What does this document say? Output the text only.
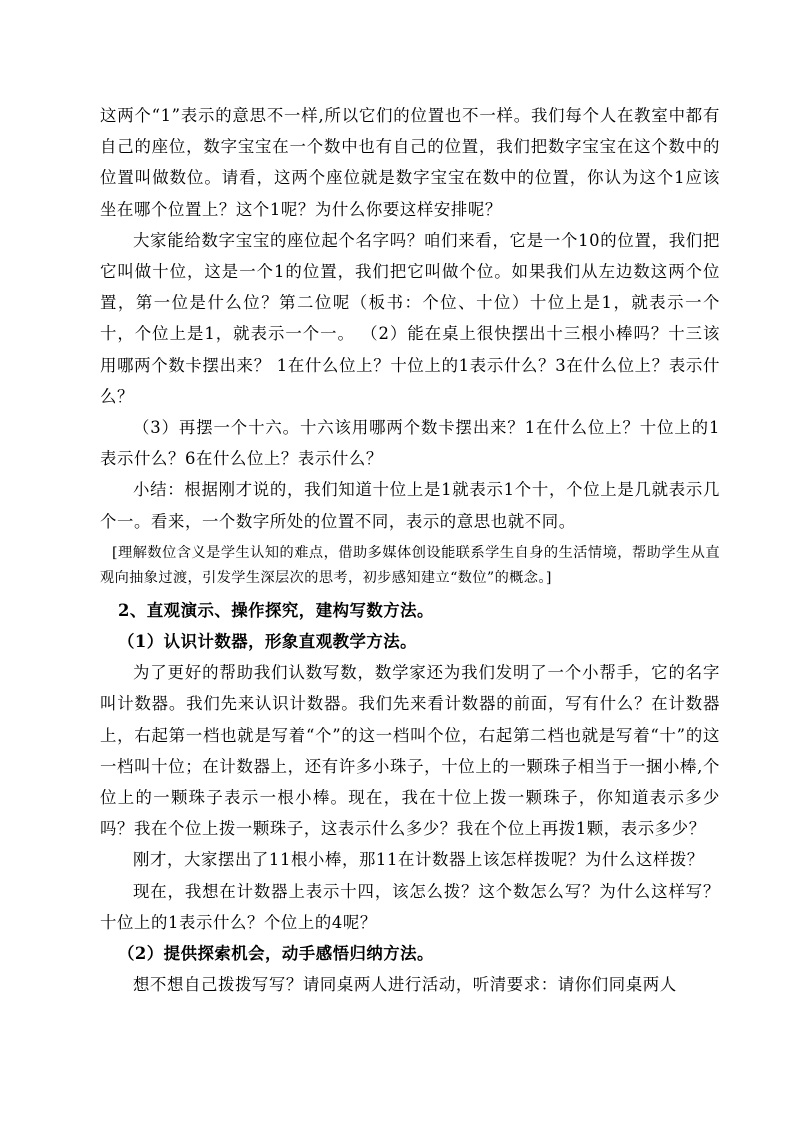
这两个“1”表示的意思不一样,所以它们的位置也不一样。我们每个人在教室中都有自己的座位，数字宝宝在一个数中也有自己的位置，我们把数字宝宝在这个数中的位置叫做数位。请看，这两个座位就是数字宝宝在数中的位置，你认为这个1应该坐在哪个位置上？这个1呢？为什么你要这样安排呢？

大家能给数字宝宝的座位起个名字吗？咱们来看，它是一个10的位置，我们把它叫做十位，这是一个1的位置，我们把它叫做个位。如果我们从左边数这两个位置，第一位是什么位？第二位呢（板书：个位、十位）十位上是1，就表示一个十，个位上是1，就表示一个一。 （2）能在桌上很快摆出十三根小棒吗？十三该用哪两个数卡摆出来？ 1在什么位上？十位上的1表示什么？3在什么位上？表示什么？

（3）再摆一个十六。十六该用哪两个数卡摆出来？1在什么位上？十位上的1表示什么？6在什么位上？表示什么？

小结：根据刚才说的，我们知道十位上是1就表示1个十，个位上是几就表示几个一。看来，一个数字所处的位置不同，表示的意思也就不同。

[理解数位含义是学生认知的难点，借助多媒体创设能联系学生自身的生活情境，帮助学生从直观向抽象过渡，引发学生深层次的思考，初步感知建立“数位”的概念。]

2、直观演示、操作探究，建构写数方法。

（1）认识计数器，形象直观教学方法。

为了更好的帮助我们认数写数，数学家还为我们发明了一个小帮手，它的名字叫计数器。我们先来认识计数器。我们先来看计数器的前面，写有什么？在计数器上，右起第一档也就是写着“个”的这一档叫个位，右起第二档也就是写着“十”的这一档叫十位；在计数器上，还有许多小珠子，十位上的一颗珠子相当于一捆小棒,个位上的一颗珠子表示一根小棒。现在，我在十位上拨一颗珠子，你知道表示多少吗？我在个位上拨一颗珠子，这表示什么多少？我在个位上再拨1颗，表示多少？

刚才，大家摆出了11根小棒，那11在计数器上该怎样拨呢？为什么这样拨？

现在，我想在计数器上表示十四，该怎么拨？这个数怎么写？为什么这样写？十位上的1表示什么？个位上的4呢？

（2）提供探索机会，动手感悟归纳方法。

想不想自己拨拨写写？请同桌两人进行活动，听清要求：请你们同桌两人
